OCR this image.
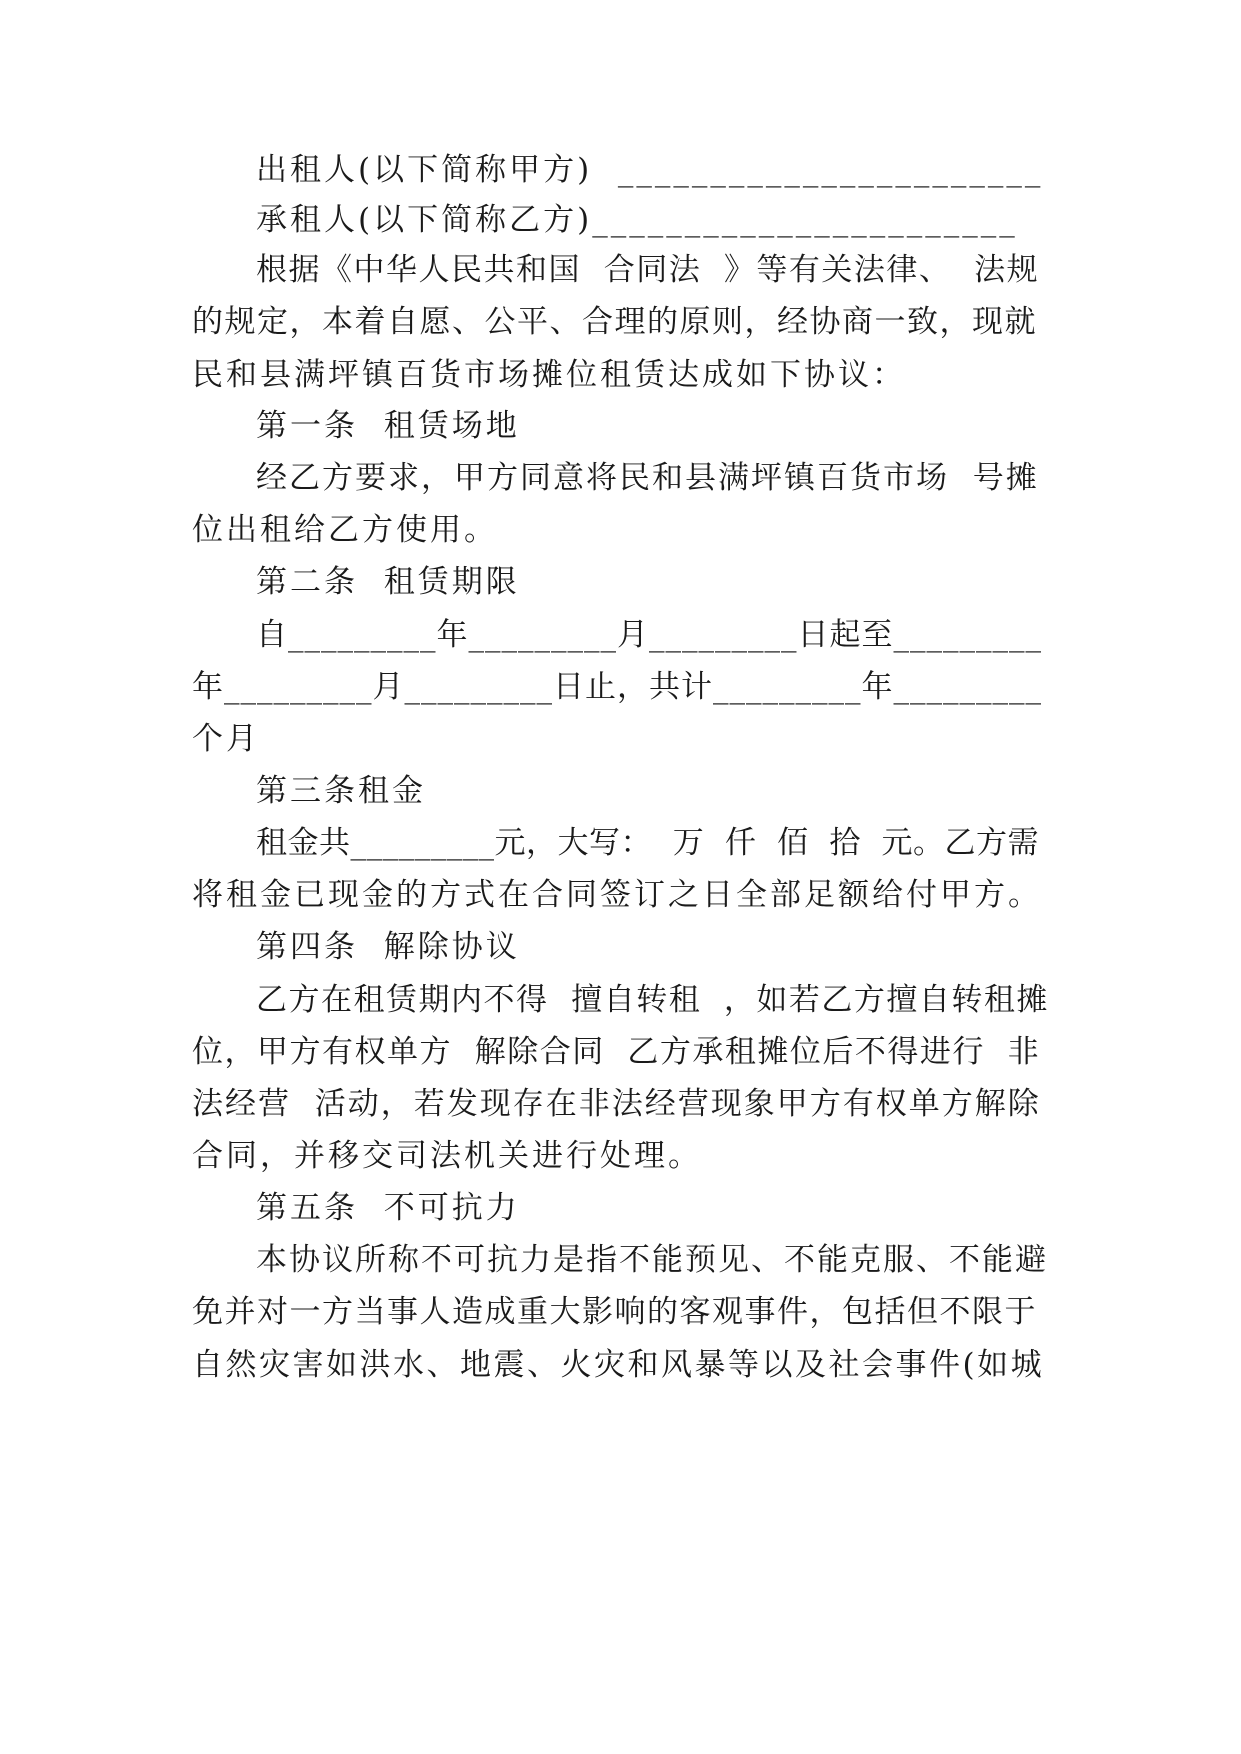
出租人(以下简称甲方)  _______________________
承租人(以下简称乙方)_______________________
根据《中华人民共和国  合同法  》等有关法律、  法规
的规定，本着自愿、公平、合理的原则，经协商一致，现就
民和县满坪镇百货市场摊位租赁达成如下协议：
第一条  租赁场地
经乙方要求，甲方同意将民和县满坪镇百货市场  号摊
位出租给乙方使用。
第二条  租赁期限
自_________年_________月_________日起至_________
年_________月_________日止，共计_________年_________
个月
第三条租金
租金共_________元，大写：  万  仟  佰  拾  元。乙方需
将租金已现金的方式在合同签订之日全部足额给付甲方。
第四条  解除协议
乙方在租赁期内不得  擅自转租  ，如若乙方擅自转租摊
位，甲方有权单方  解除合同  乙方承租摊位后不得进行  非
法经营  活动，若发现存在非法经营现象甲方有权单方解除
合同，并移交司法机关进行处理。
第五条  不可抗力
本协议所称不可抗力是指不能预见、不能克服、不能避
免并对一方当事人造成重大影响的客观事件，包括但不限于
自然灾害如洪水、地震、火灾和风暴等以及社会事件(如城
